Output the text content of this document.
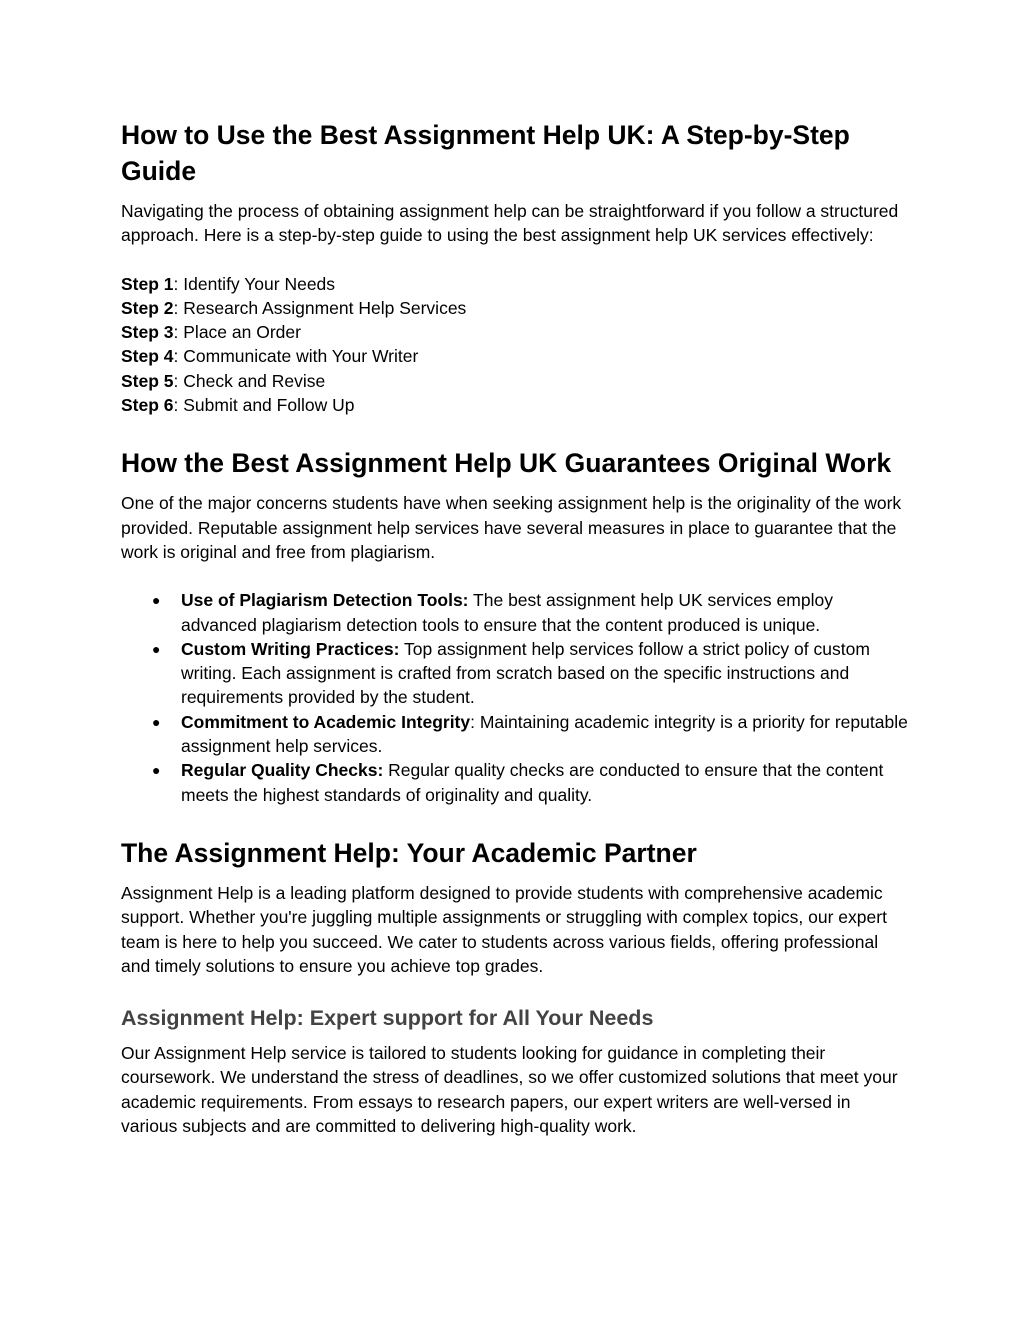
How to Use the Best Assignment Help UK: A Step-by-Step Guide

Navigating the process of obtaining assignment help can be straightforward if you follow a structured approach. Here is a step-by-step guide to using the best assignment help UK services effectively:

Step 1: Identify Your Needs
Step 2: Research Assignment Help Services
Step 3: Place an Order
Step 4: Communicate with Your Writer
Step 5: Check and Revise
Step 6: Submit and Follow Up
How the Best Assignment Help UK Guarantees Original Work

One of the major concerns students have when seeking assignment help is the originality of the work provided. Reputable assignment help services have several measures in place to guarantee that the work is original and free from plagiarism.

● Use of Plagiarism Detection Tools: The best assignment help UK services employ advanced plagiarism detection tools to ensure that the content produced is unique.
● Custom Writing Practices: Top assignment help services follow a strict policy of custom writing. Each assignment is crafted from scratch based on the specific instructions and requirements provided by the student.
● Commitment to Academic Integrity: Maintaining academic integrity is a priority for reputable assignment help services.
● Regular Quality Checks: Regular quality checks are conducted to ensure that the content meets the highest standards of originality and quality.
The Assignment Help: Your Academic Partner

Assignment Help is a leading platform designed to provide students with comprehensive academic support. Whether you're juggling multiple assignments or struggling with complex topics, our expert team is here to help you succeed. We cater to students across various fields, offering professional and timely solutions to ensure you achieve top grades.

Assignment Help: Expert support for All Your Needs

Our Assignment Help service is tailored to students looking for guidance in completing their coursework. We understand the stress of deadlines, so we offer customized solutions that meet your academic requirements. From essays to research papers, our expert writers are well-versed in various subjects and are committed to delivering high-quality work.
